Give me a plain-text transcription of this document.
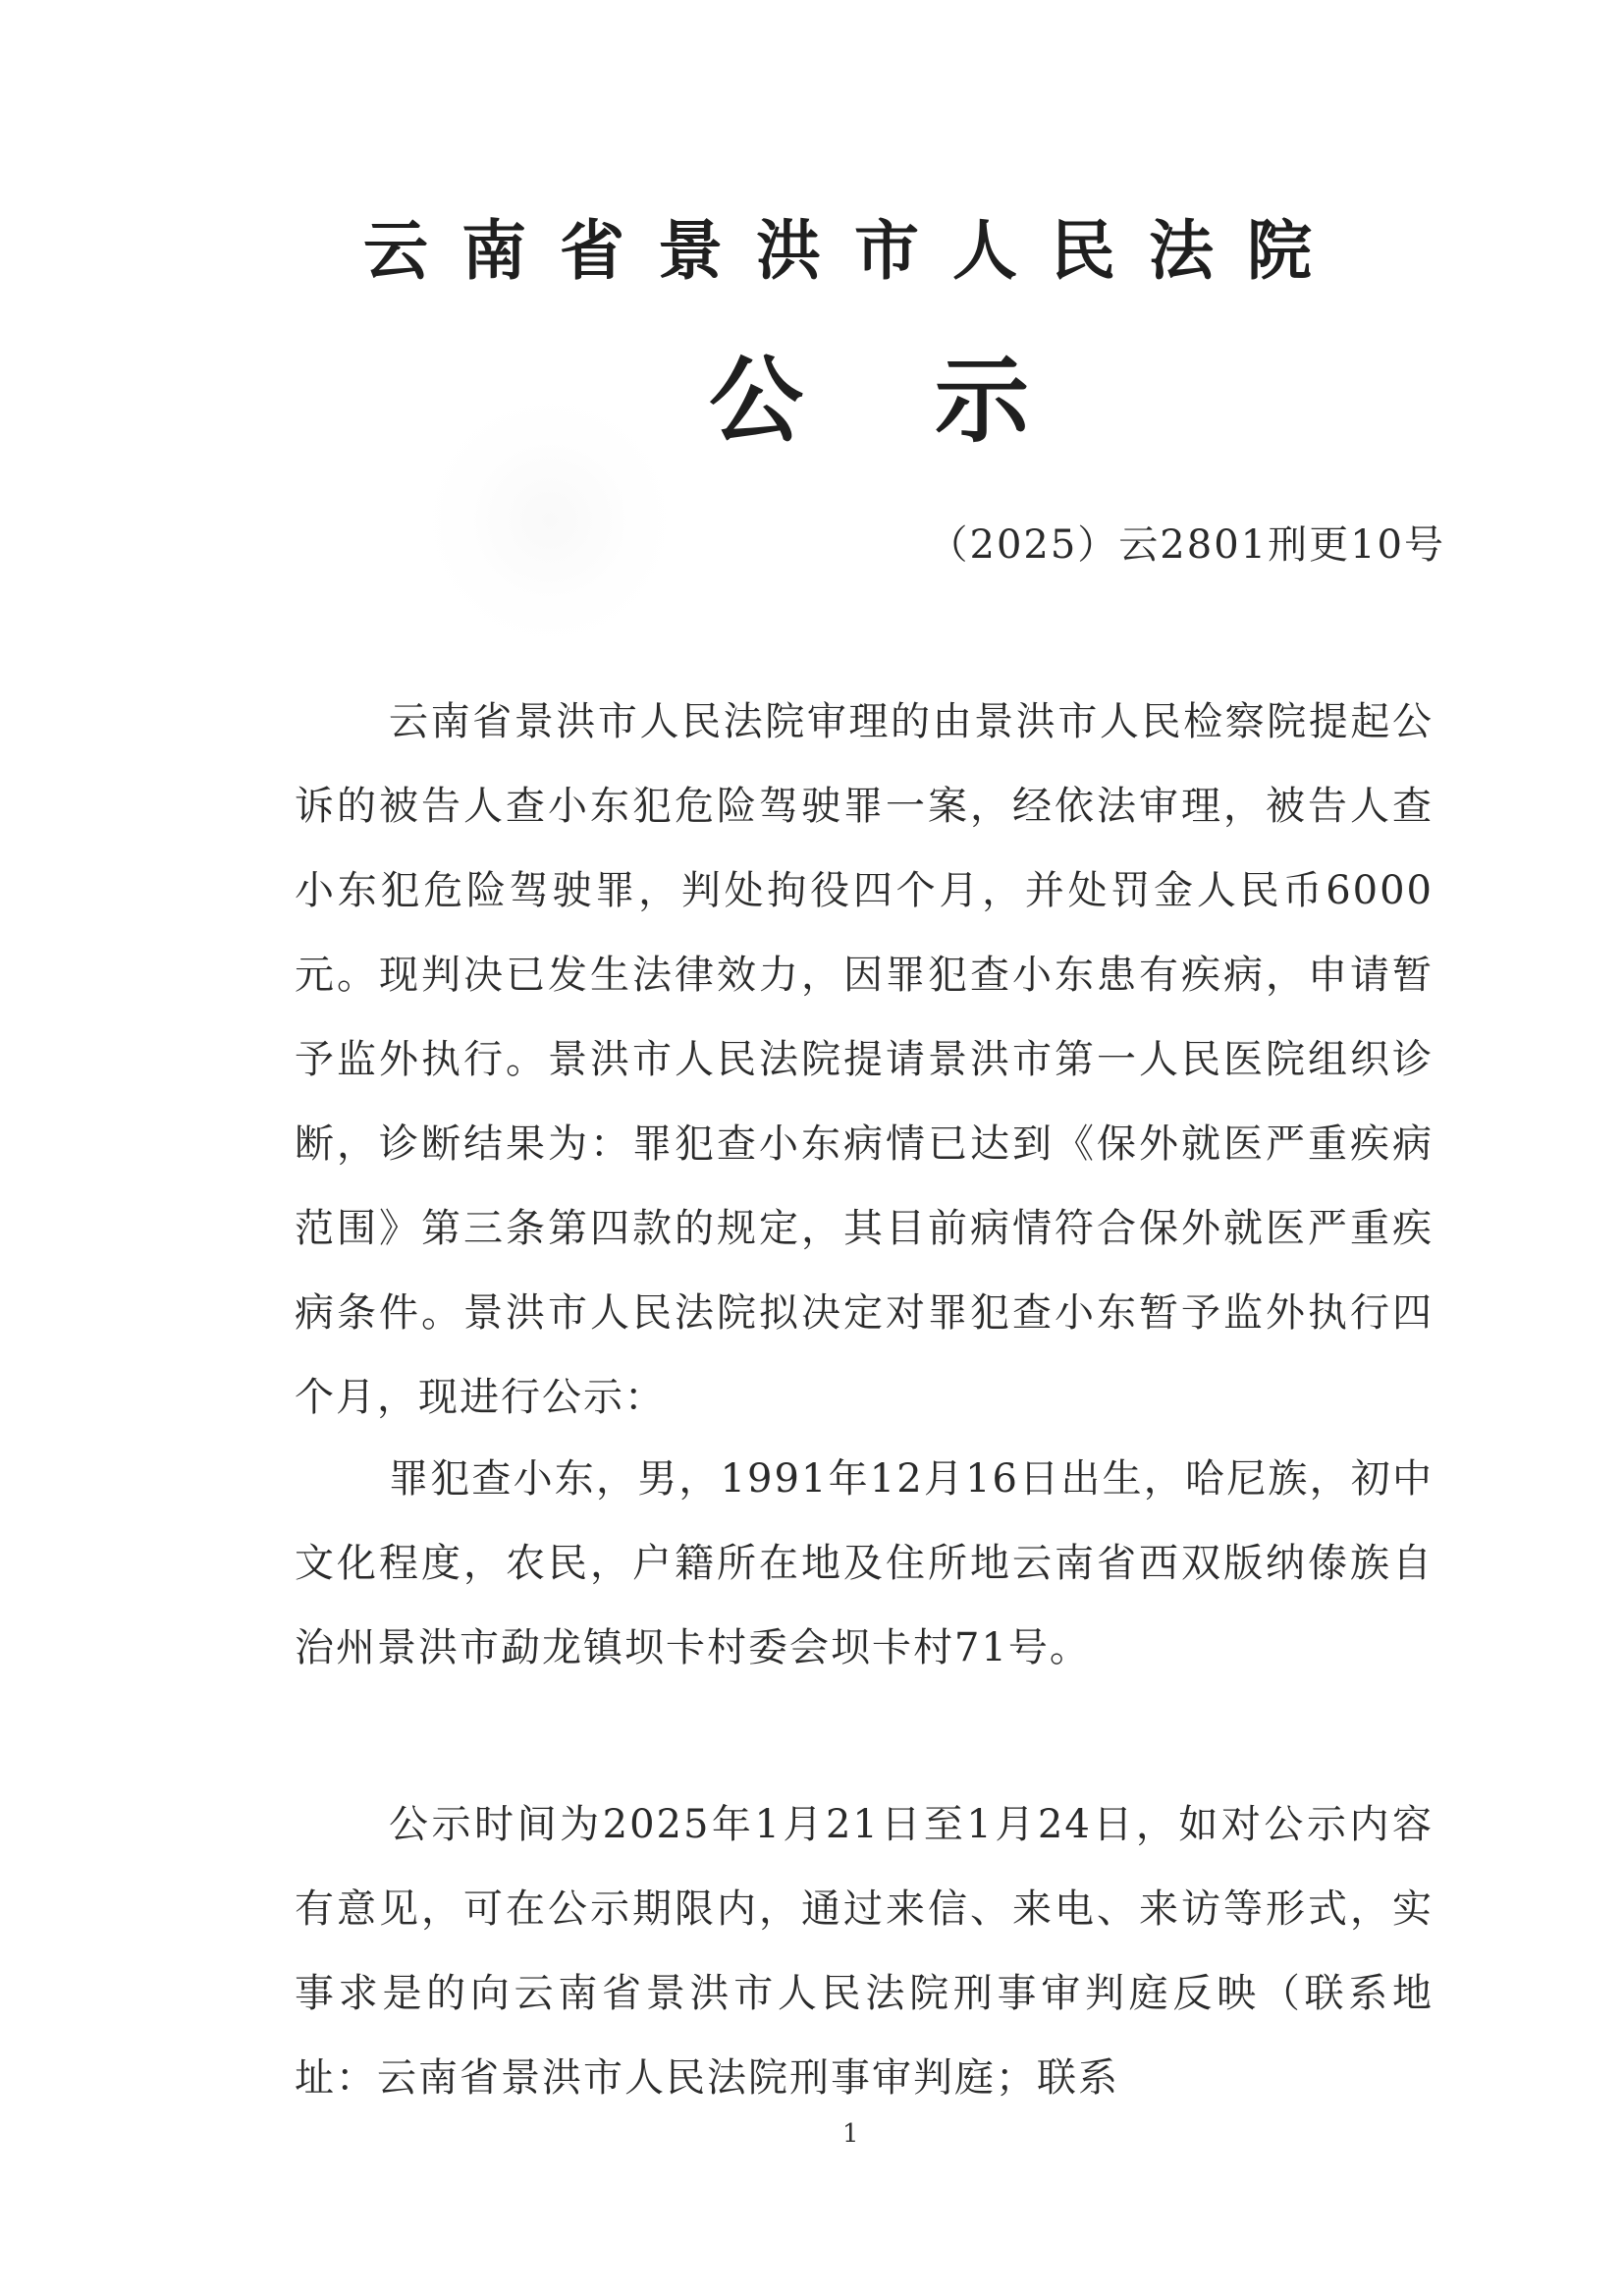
云南省景洪市人民法院
公示
（2025）云2801刑更10号

云南省景洪市人民法院审理的由景洪市人民检察院提起公诉的被告人查小东犯危险驾驶罪一案，经依法审理，被告人查小东犯危险驾驶罪，判处拘役四个月，并处罚金人民币6000元。现判决已发生法律效力，因罪犯查小东患有疾病，申请暂予监外执行。景洪市人民法院提请景洪市第一人民医院组织诊断，诊断结果为：罪犯查小东病情已达到《保外就医严重疾病范围》第三条第四款的规定，其目前病情符合保外就医严重疾病条件。景洪市人民法院拟决定对罪犯查小东暂予监外执行四个月，现进行公示：

罪犯查小东，男，1991年12月16日出生，哈尼族，初中文化程度，农民，户籍所在地及住所地云南省西双版纳傣族自治州景洪市勐龙镇坝卡村委会坝卡村71号。

公示时间为2025年1月21日至1月24日，如对公示内容有意见，可在公示期限内，通过来信、来电、来访等形式，实事求是的向云南省景洪市人民法院刑事审判庭反映（联系地址：云南省景洪市人民法院刑事审判庭；联系

1
